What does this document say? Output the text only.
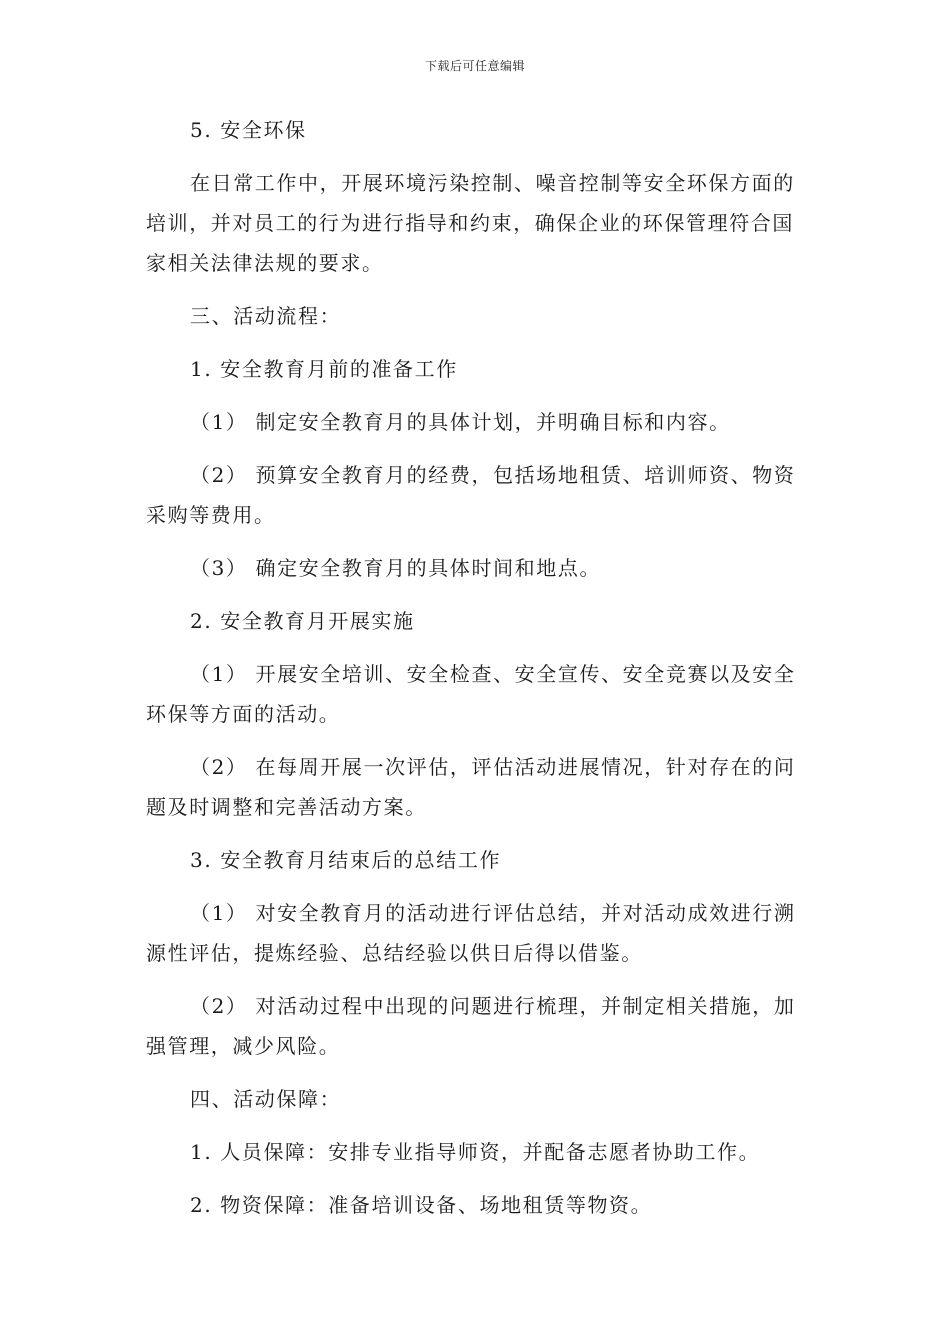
下载后可任意编辑

5. 安全环保

在日常工作中，开展环境污染控制、噪音控制等安全环保方面的培训，并对员工的行为进行指导和约束，确保企业的环保管理符合国家相关法律法规的要求。

三、活动流程：

1. 安全教育月前的准备工作

（1） 制定安全教育月的具体计划，并明确目标和内容。

（2） 预算安全教育月的经费，包括场地租赁、培训师资、物资采购等费用。

（3） 确定安全教育月的具体时间和地点。

2. 安全教育月开展实施

（1） 开展安全培训、安全检查、安全宣传、安全竞赛以及安全环保等方面的活动。

（2） 在每周开展一次评估，评估活动进展情况，针对存在的问题及时调整和完善活动方案。

3. 安全教育月结束后的总结工作

（1） 对安全教育月的活动进行评估总结，并对活动成效进行溯源性评估，提炼经验、总结经验以供日后得以借鉴。

（2） 对活动过程中出现的问题进行梳理，并制定相关措施，加强管理，减少风险。

四、活动保障：

1. 人员保障：安排专业指导师资，并配备志愿者协助工作。

2. 物资保障：准备培训设备、场地租赁等物资。
